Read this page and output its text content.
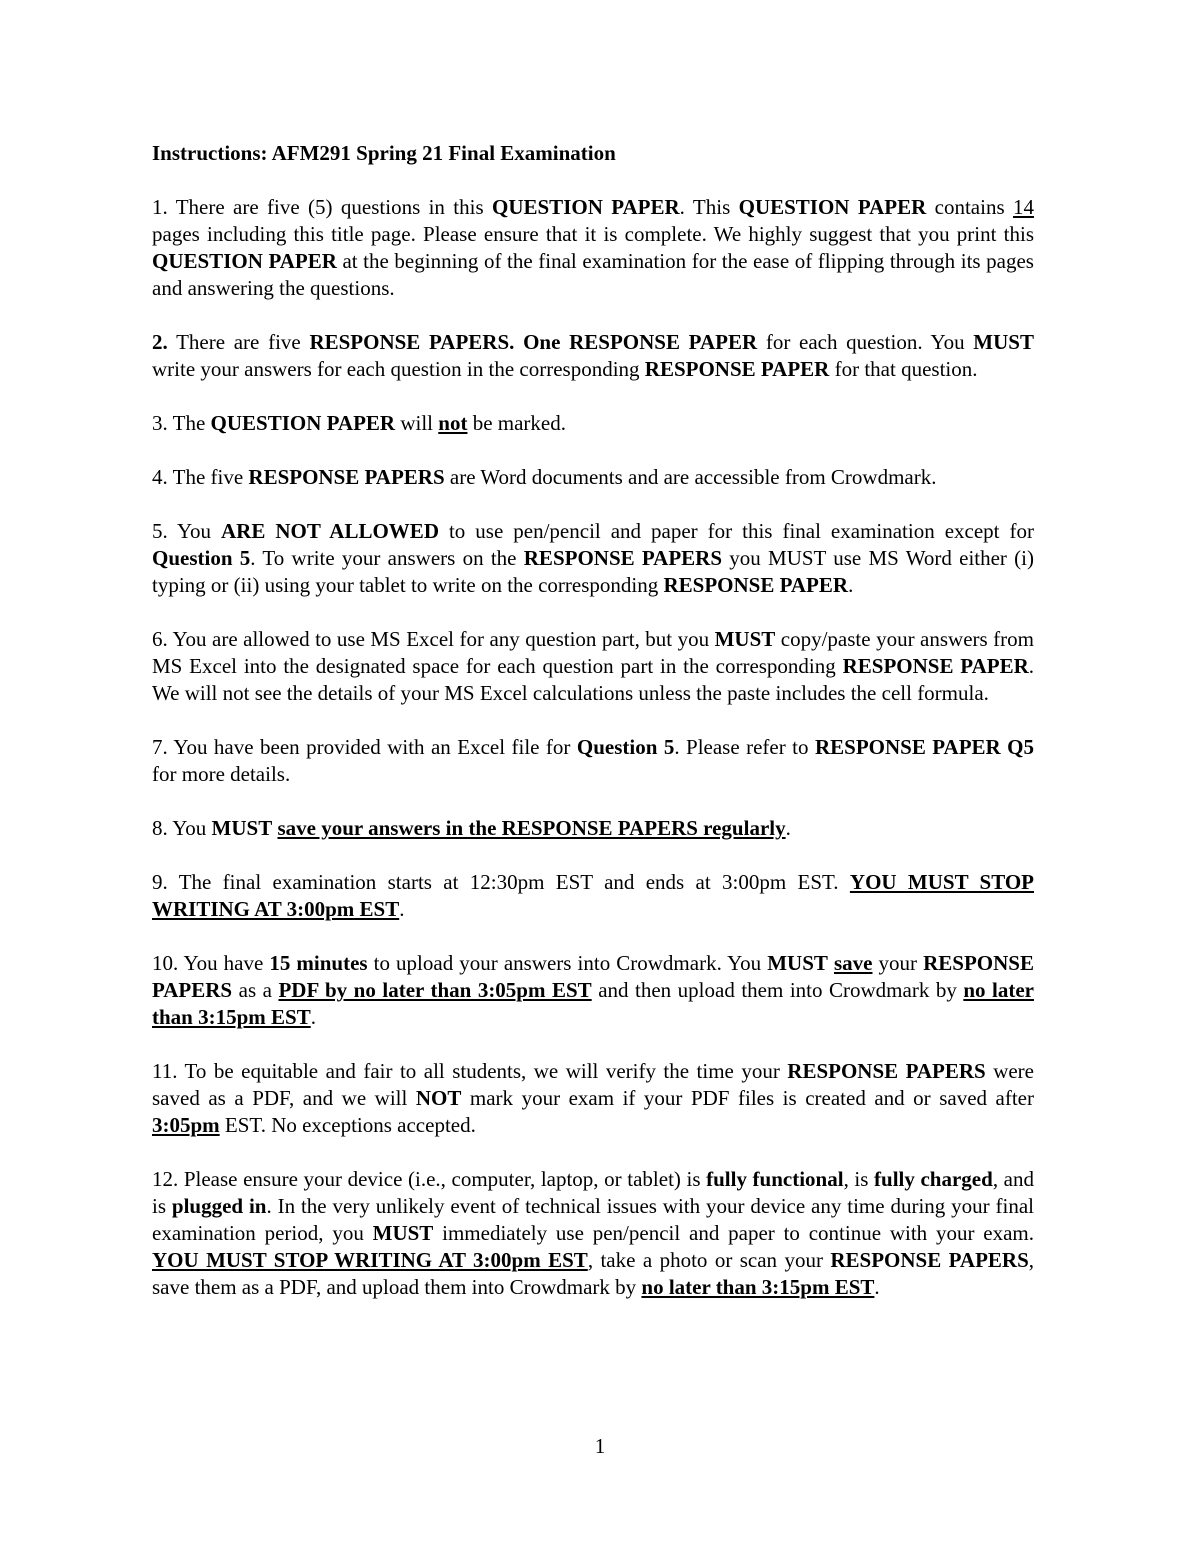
Instructions: AFM291 Spring 21 Final Examination
1. There are five (5) questions in this QUESTION PAPER. This QUESTION PAPER contains 14 pages including this title page. Please ensure that it is complete. We highly suggest that you print this QUESTION PAPER at the beginning of the final examination for the ease of flipping through its pages and answering the questions.
2. There are five RESPONSE PAPERS. One RESPONSE PAPER for each question. You MUST write your answers for each question in the corresponding RESPONSE PAPER for that question.
3. The QUESTION PAPER will not be marked.
4. The five RESPONSE PAPERS are Word documents and are accessible from Crowdmark.
5. You ARE NOT ALLOWED to use pen/pencil and paper for this final examination except for Question 5. To write your answers on the RESPONSE PAPERS you MUST use MS Word either (i) typing or (ii) using your tablet to write on the corresponding RESPONSE PAPER.
6. You are allowed to use MS Excel for any question part, but you MUST copy/paste your answers from MS Excel into the designated space for each question part in the corresponding RESPONSE PAPER. We will not see the details of your MS Excel calculations unless the paste includes the cell formula.
7. You have been provided with an Excel file for Question 5. Please refer to RESPONSE PAPER Q5 for more details.
8. You MUST save your answers in the RESPONSE PAPERS regularly.
9. The final examination starts at 12:30pm EST and ends at 3:00pm EST. YOU MUST STOP WRITING AT 3:00pm EST.
10. You have 15 minutes to upload your answers into Crowdmark. You MUST save your RESPONSE PAPERS as a PDF by no later than 3:05pm EST and then upload them into Crowdmark by no later than 3:15pm EST.
11. To be equitable and fair to all students, we will verify the time your RESPONSE PAPERS were saved as a PDF, and we will NOT mark your exam if your PDF files is created and or saved after 3:05pm EST. No exceptions accepted.
12. Please ensure your device (i.e., computer, laptop, or tablet) is fully functional, is fully charged, and is plugged in. In the very unlikely event of technical issues with your device any time during your final examination period, you MUST immediately use pen/pencil and paper to continue with your exam. YOU MUST STOP WRITING AT 3:00pm EST, take a photo or scan your RESPONSE PAPERS, save them as a PDF, and upload them into Crowdmark by no later than 3:15pm EST.
1
